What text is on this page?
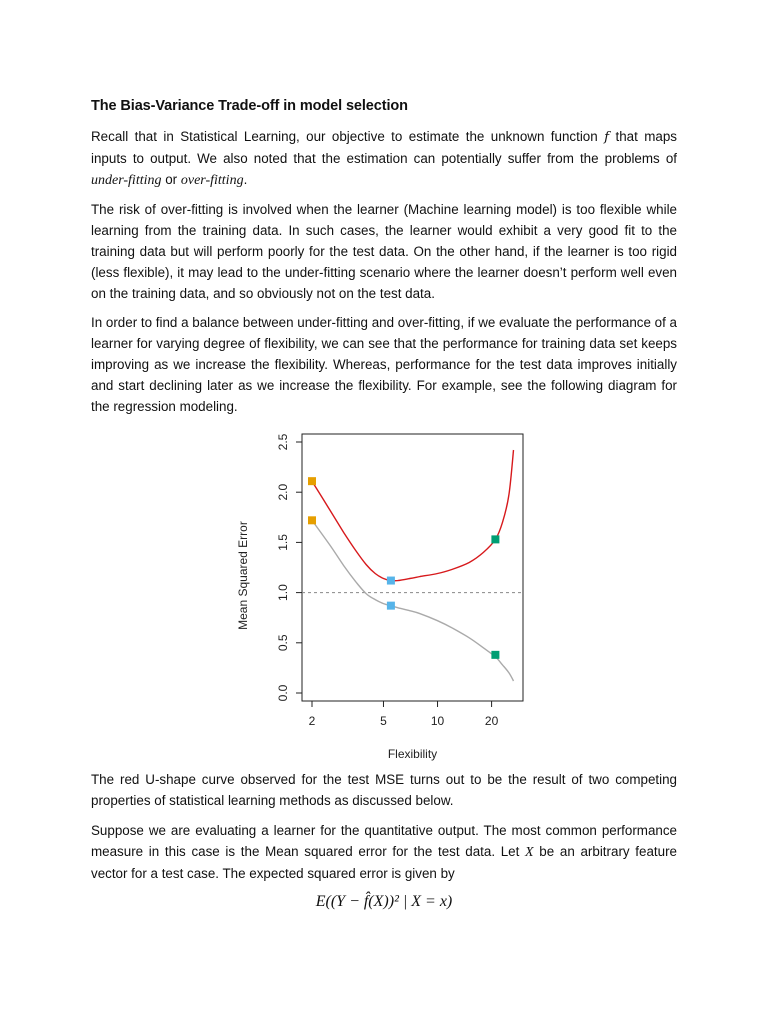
The Bias-Variance Trade-off in model selection

Recall that in Statistical Learning, our objective to estimate the unknown function f that maps inputs to output. We also noted that the estimation can potentially suffer from the problems of under-fitting or over-fitting.

The risk of over-fitting is involved when the learner (Machine learning model) is too flexible while learning from the training data. In such cases, the learner would exhibit a very good fit to the training data but will perform poorly for the test data. On the other hand, if the learner is too rigid (less flexible), it may lead to the under-fitting scenario where the learner doesn’t perform well even on the training data, and so obviously not on the test data.

In order to find a balance between under-fitting and over-fitting, if we evaluate the performance of a learner for varying degree of flexibility, we can see that the performance for training data set keeps improving as we increase the flexibility. Whereas, performance for the test data improves initially and start declining later as we increase the flexibility. For example, see the following diagram for the regression modeling.

2	5	10	20
0.0
0.5
1.0
1.5
2.0
2.5
Flexibility
Mean Squared Error

The red U-shape curve observed for the test MSE turns out to be the result of two competing properties of statistical learning methods as discussed below.

Suppose we are evaluating a learner for the quantitative output. The most common performance measure in this case is the Mean squared error for the test data. Let X be an arbitrary feature vector for a test case. The expected squared error is given by

E((Y − f̂(X))² | X = x)
